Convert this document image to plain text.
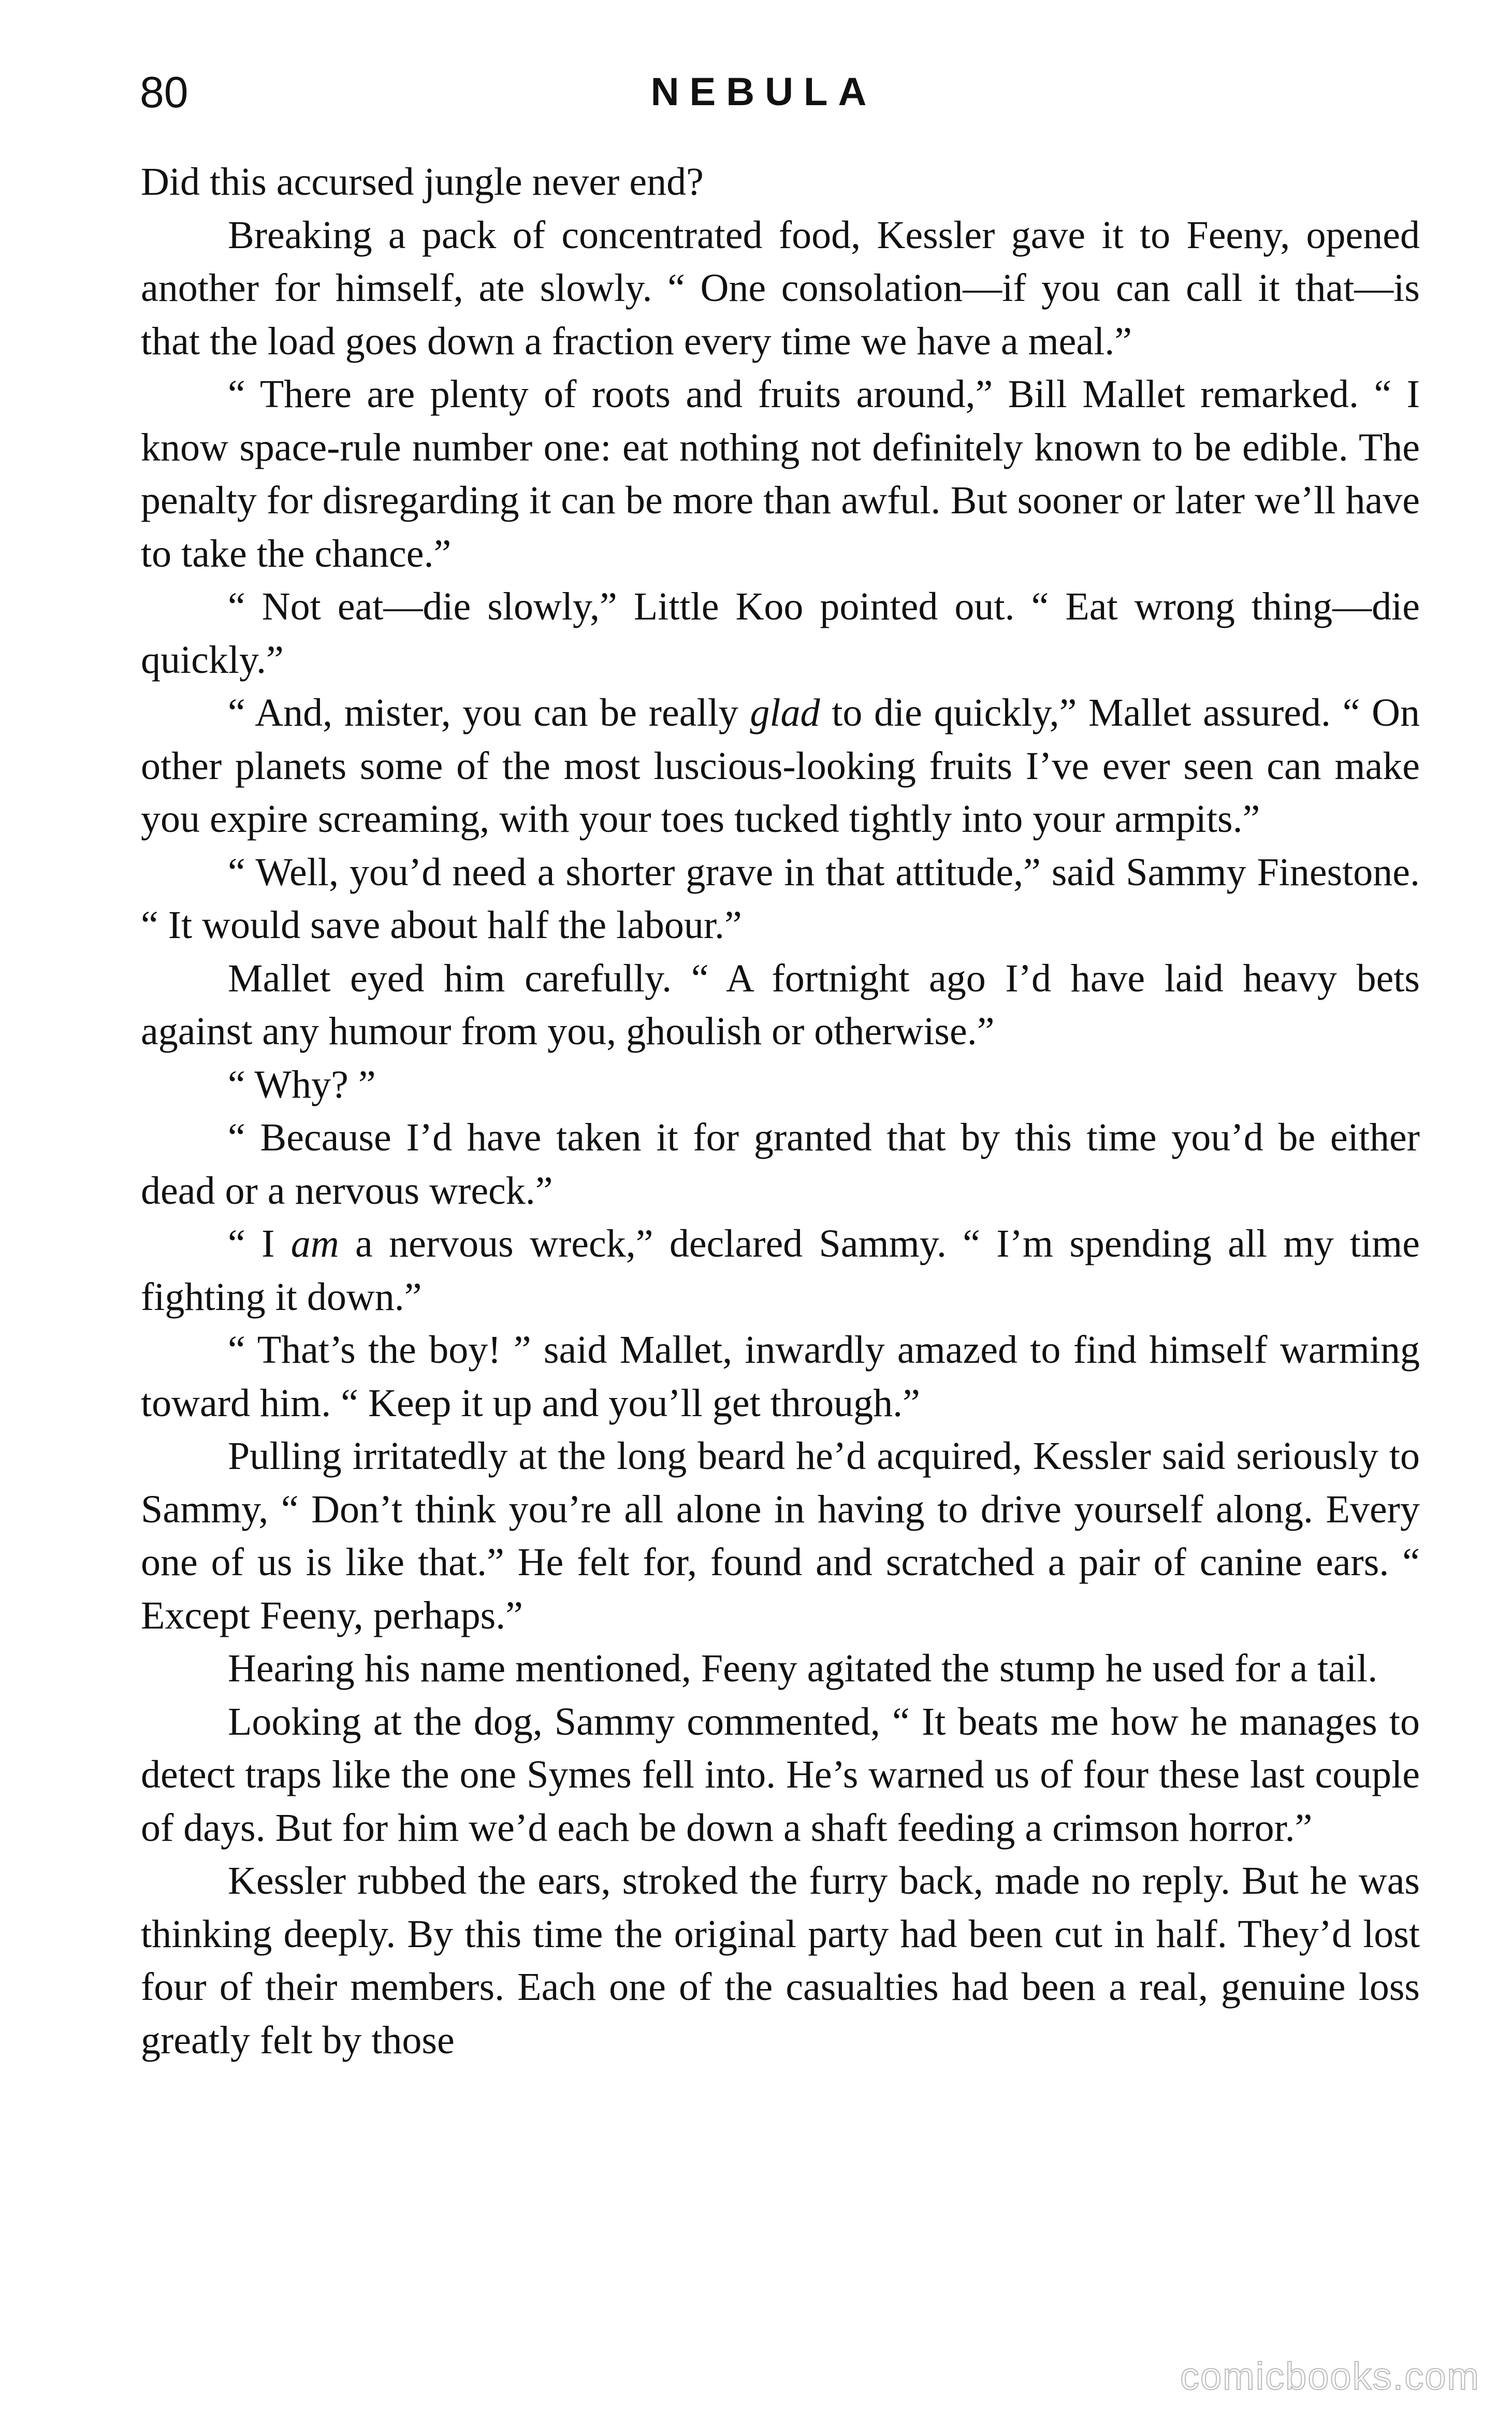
80	NEBULA

Did this accursed jungle never end?

Breaking a pack of concentrated food, Kessler gave it to Feeny, opened another for himself, ate slowly. “ One consolation—if you can call it that—is that the load goes down a fraction every time we have a meal.”

“ There are plenty of roots and fruits around,” Bill Mallet remarked. “ I know space-rule number one: eat nothing not definitely known to be edible. The penalty for disregarding it can be more than awful. But sooner or later we’ll have to take the chance.”

“ Not eat—die slowly,” Little Koo pointed out. “ Eat wrong thing—die quickly.”

“ And, mister, you can be really glad to die quickly,” Mallet assured. “ On other planets some of the most luscious-looking fruits I’ve ever seen can make you expire screaming, with your toes tucked tightly into your armpits.”

“ Well, you’d need a shorter grave in that attitude,” said Sammy Finestone. “ It would save about half the labour.”

Mallet eyed him carefully. “ A fortnight ago I’d have laid heavy bets against any humour from you, ghoulish or otherwise.”

“ Why? ”

“ Because I’d have taken it for granted that by this time you’d be either dead or a nervous wreck.”

“ I am a nervous wreck,” declared Sammy. “ I’m spending all my time fighting it down.”

“ That’s the boy! ” said Mallet, inwardly amazed to find himself warming toward him. “ Keep it up and you’ll get through.”

Pulling irritatedly at the long beard he’d acquired, Kessler said seriously to Sammy, “ Don’t think you’re all alone in having to drive yourself along. Every one of us is like that.” He felt for, found and scratched a pair of canine ears. “ Except Feeny, perhaps.”

Hearing his name mentioned, Feeny agitated the stump he used for a tail.

Looking at the dog, Sammy commented, “ It beats me how he manages to detect traps like the one Symes fell into. He’s warned us of four these last couple of days. But for him we’d each be down a shaft feeding a crimson horror.”

Kessler rubbed the ears, stroked the furry back, made no reply. But he was thinking deeply. By this time the original party had been cut in half. They’d lost four of their members. Each one of the casualties had been a real, genuine loss greatly felt by those

comicbooks.com
